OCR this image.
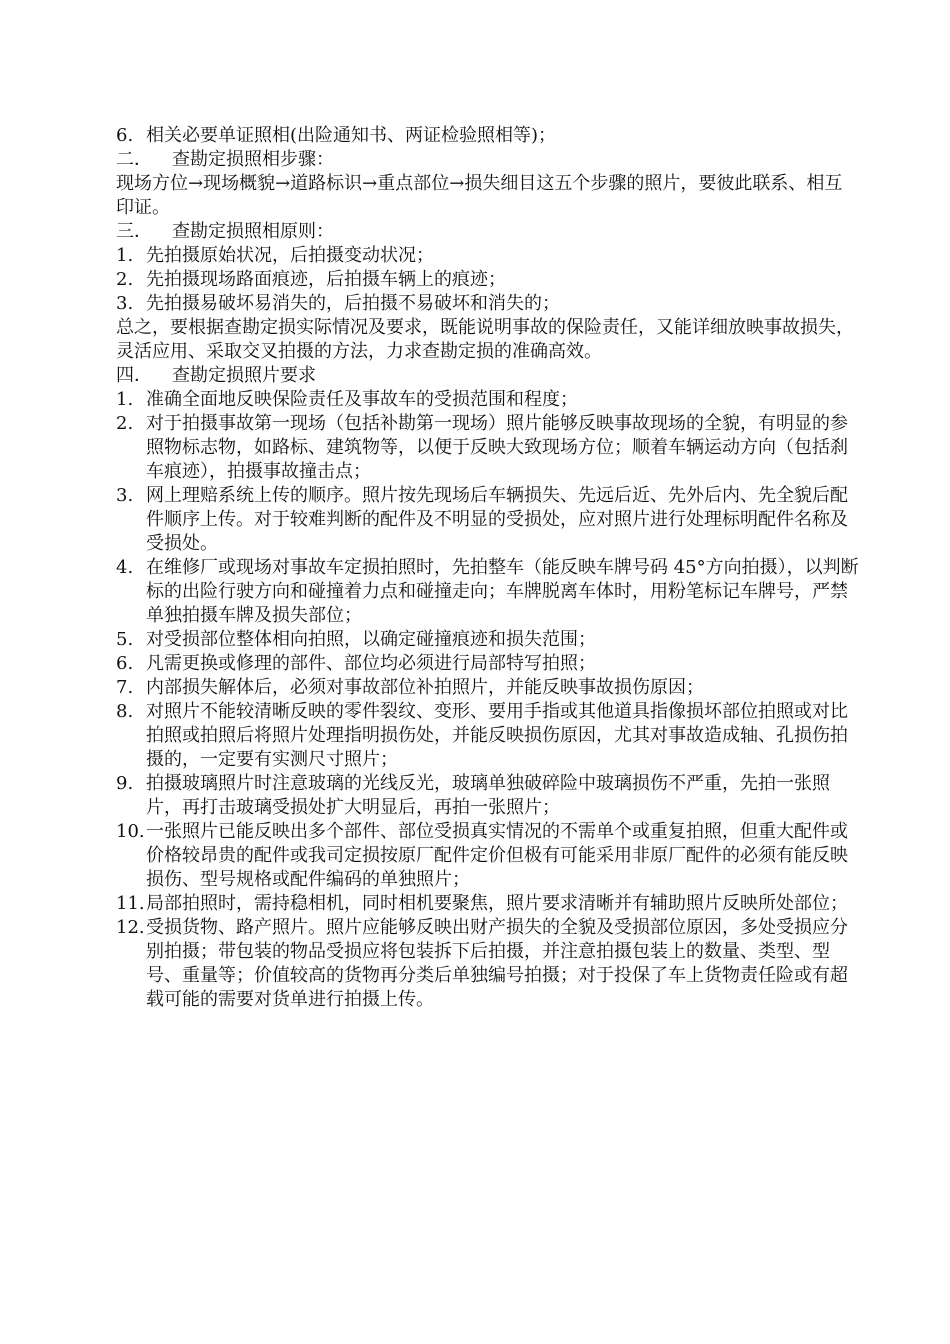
6. 相关必要单证照相(出险通知书、两证检验照相等)；

二． 查勘定损照相步骤：

现场方位→现场概貌→道路标识→重点部位→损失细目这五个步骤的照片，要彼此联系、相互印证。

三． 查勘定损照相原则：

1. 先拍摄原始状况，后拍摄变动状况；
2. 先拍摄现场路面痕迹，后拍摄车辆上的痕迹；
3. 先拍摄易破坏易消失的，后拍摄不易破坏和消失的；

总之，要根据查勘定损实际情况及要求，既能说明事故的保险责任，又能详细放映事故损失，灵活应用、采取交叉拍摄的方法，力求查勘定损的准确高效。

四． 查勘定损照片要求

1. 准确全面地反映保险责任及事故车的受损范围和程度；
2. 对于拍摄事故第一现场（包括补勘第一现场）照片能够反映事故现场的全貌，有明显的参照物标志物，如路标、建筑物等，以便于反映大致现场方位；顺着车辆运动方向（包括刹车痕迹），拍摄事故撞击点；
3. 网上理赔系统上传的顺序。照片按先现场后车辆损失、先远后近、先外后内、先全貌后配件顺序上传。对于较难判断的配件及不明显的受损处，应对照片进行处理标明配件名称及受损处。
4. 在维修厂或现场对事故车定损拍照时，先拍整车（能反映车牌号码 45°方向拍摄），以判断标的出险行驶方向和碰撞着力点和碰撞走向；车牌脱离车体时，用粉笔标记车牌号，严禁单独拍摄车牌及损失部位；
5. 对受损部位整体相向拍照，以确定碰撞痕迹和损失范围；
6. 凡需更换或修理的部件、部位均必须进行局部特写拍照；
7. 内部损失解体后，必须对事故部位补拍照片，并能反映事故损伤原因；
8. 对照片不能较清晰反映的零件裂纹、变形、要用手指或其他道具指像损坏部位拍照或对比拍照或拍照后将照片处理指明损伤处，并能反映损伤原因，尤其对事故造成轴、孔损伤拍摄的，一定要有实测尺寸照片；
9. 拍摄玻璃照片时注意玻璃的光线反光，玻璃单独破碎险中玻璃损伤不严重，先拍一张照片，再打击玻璃受损处扩大明显后，再拍一张照片；
10. 一张照片已能反映出多个部件、部位受损真实情况的不需单个或重复拍照，但重大配件或价格较昂贵的配件或我司定损按原厂配件定价但极有可能采用非原厂配件的必须有能反映损伤、型号规格或配件编码的单独照片；
11. 局部拍照时，需持稳相机，同时相机要聚焦，照片要求清晰并有辅助照片反映所处部位；
12. 受损货物、路产照片。照片应能够反映出财产损失的全貌及受损部位原因，多处受损应分别拍摄；带包装的物品受损应将包装拆下后拍摄，并注意拍摄包装上的数量、类型、型号、重量等；价值较高的货物再分类后单独编号拍摄；对于投保了车上货物责任险或有超载可能的需要对货单进行拍摄上传。
